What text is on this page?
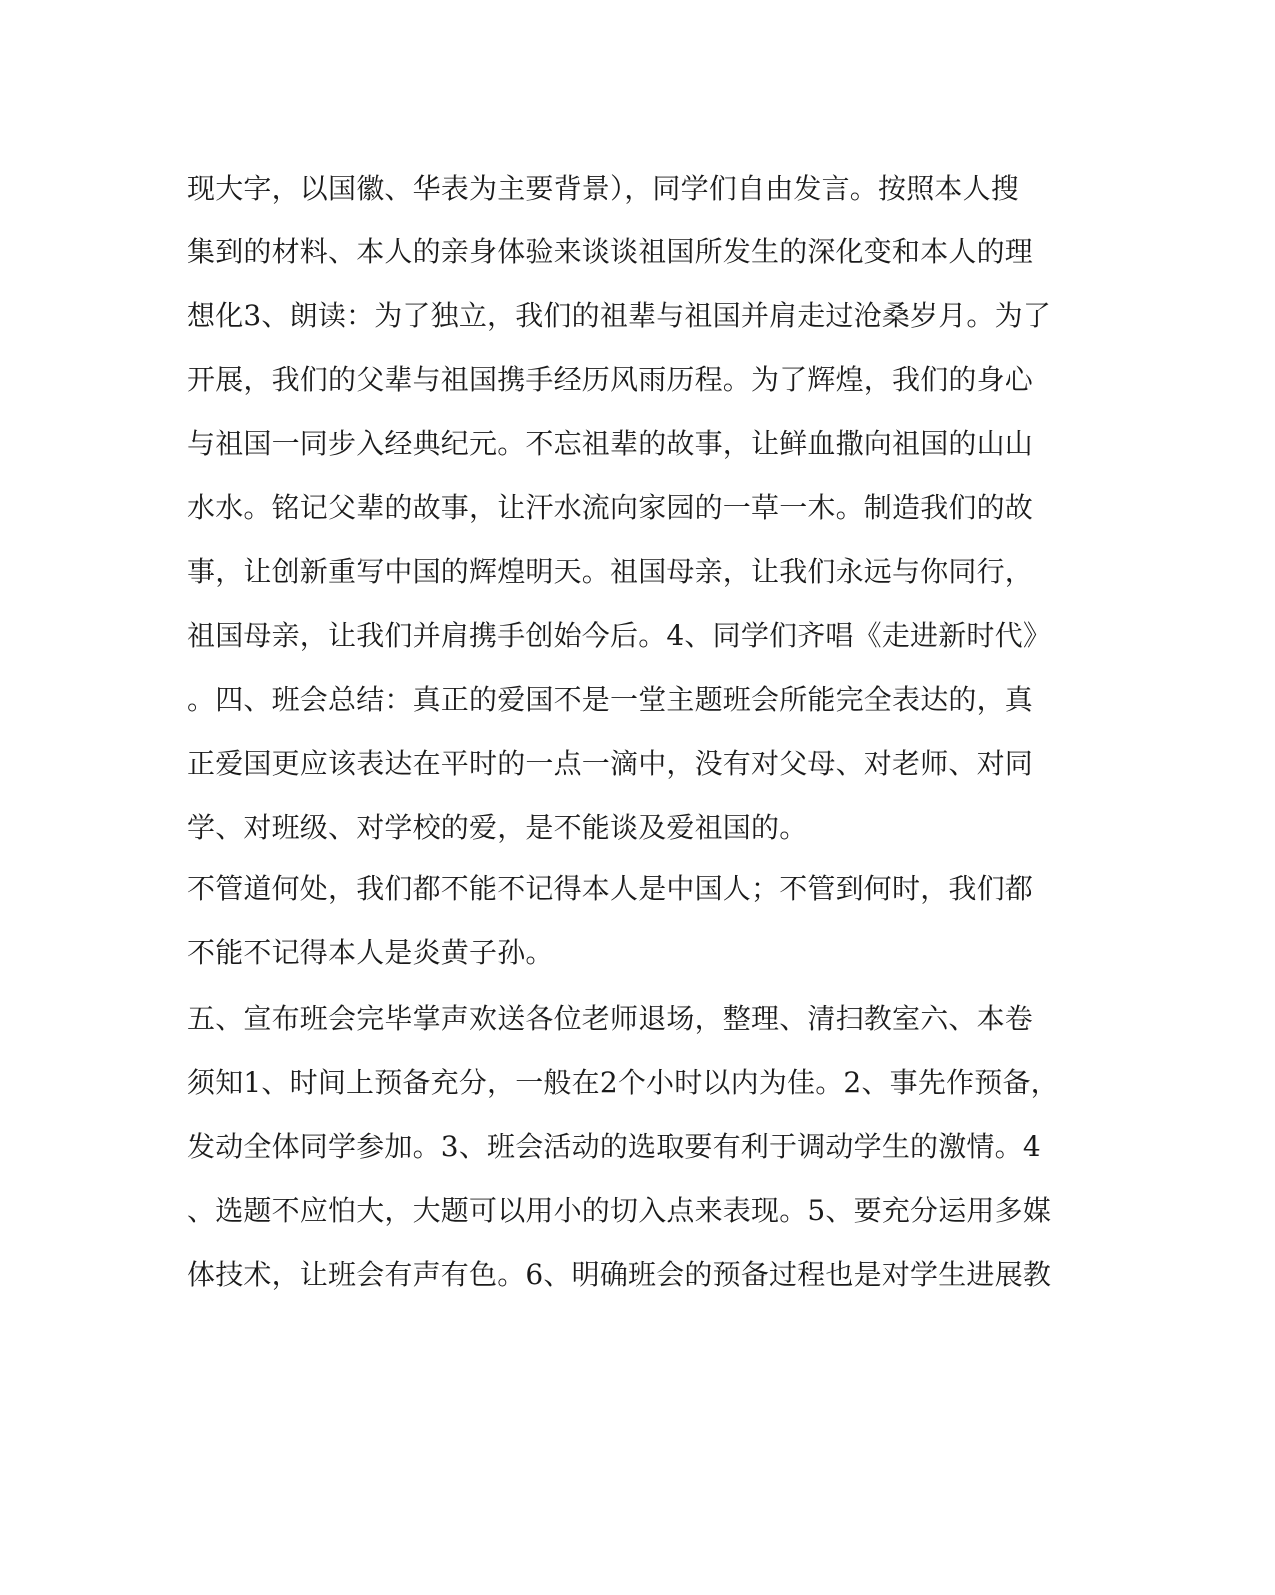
现大字，以国徽、华表为主要背景），同学们自由发言。按照本人搜
集到的材料、本人的亲身体验来谈谈祖国所发生的深化变和本人的理
想化3、朗读：为了独立，我们的祖辈与祖国并肩走过沧桑岁月。为了
开展，我们的父辈与祖国携手经历风雨历程。为了辉煌，我们的身心
与祖国一同步入经典纪元。不忘祖辈的故事，让鲜血撒向祖国的山山
水水。铭记父辈的故事，让汗水流向家园的一草一木。制造我们的故
事，让创新重写中国的辉煌明天。祖国母亲，让我们永远与你同行，
祖国母亲，让我们并肩携手创始今后。4、同学们齐唱《走进新时代》
。四、班会总结：真正的爱国不是一堂主题班会所能完全表达的，真
正爱国更应该表达在平时的一点一滴中，没有对父母、对老师、对同
学、对班级、对学校的爱，是不能谈及爱祖国的。
不管道何处，我们都不能不记得本人是中国人；不管到何时，我们都
不能不记得本人是炎黄子孙。
五、宣布班会完毕掌声欢送各位老师退场，整理、清扫教室六、本卷
须知1、时间上预备充分，一般在2个小时以内为佳。2、事先作预备，
发动全体同学参加。3、班会活动的选取要有利于调动学生的激情。4
、选题不应怕大，大题可以用小的切入点来表现。5、要充分运用多媒
体技术，让班会有声有色。6、明确班会的预备过程也是对学生进展教
